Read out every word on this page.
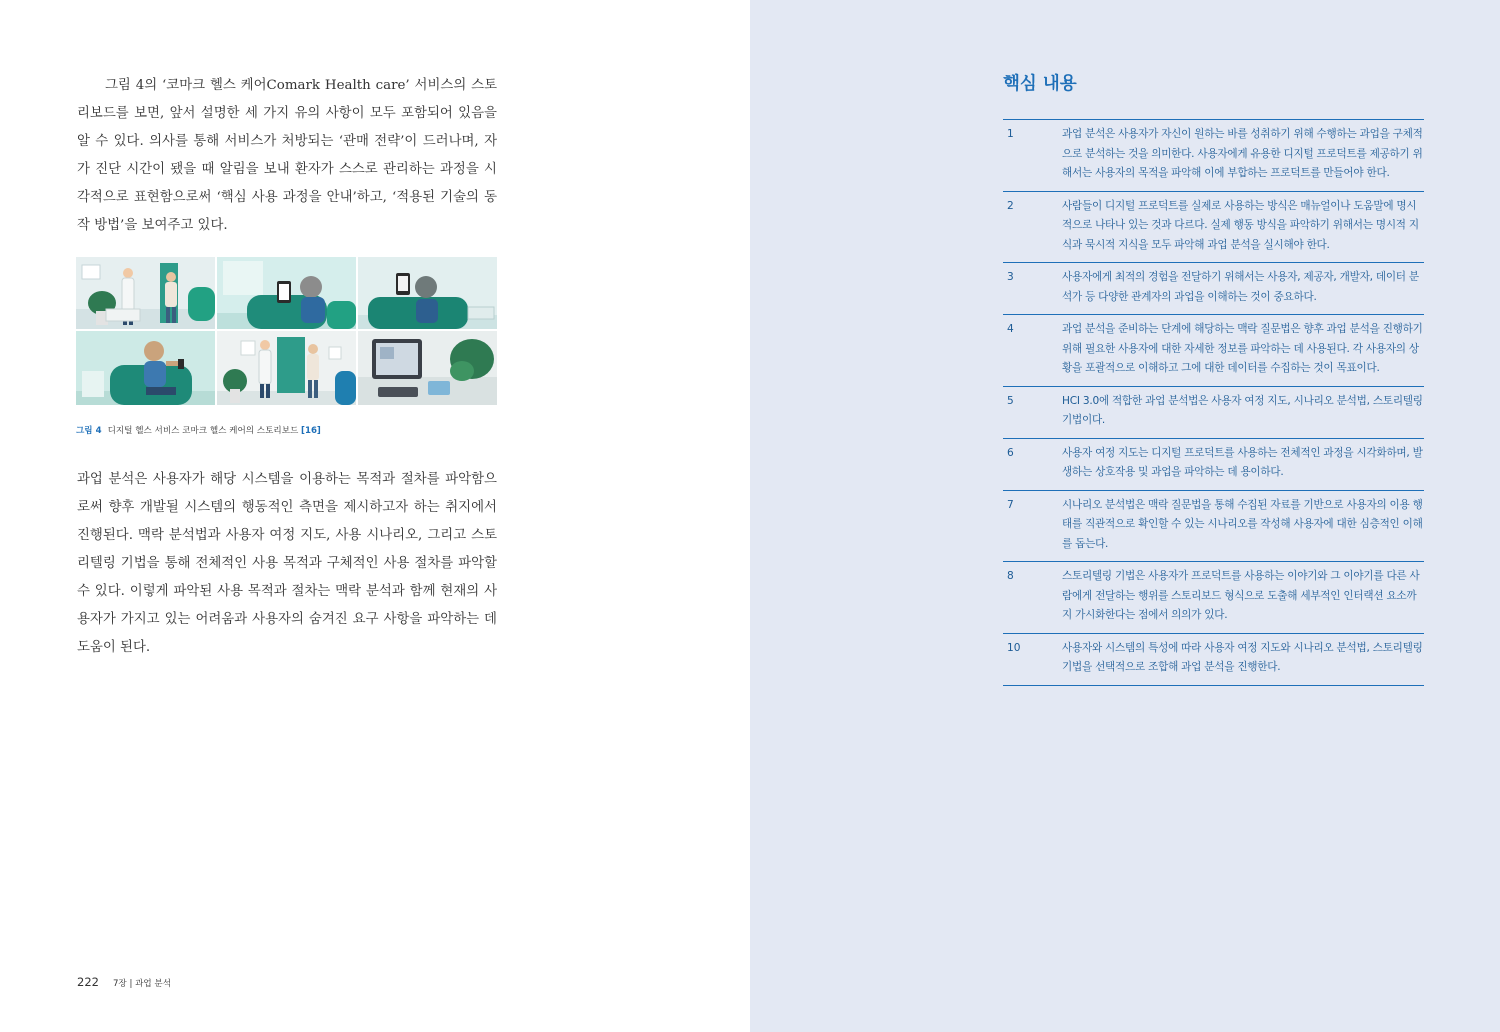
그림 4의 ‘코마크 헬스 케어Comark Health care’ 서비스의 스토리보드를 보면, 앞서 설명한 세 가지 유의 사항이 모두 포함되어 있음을 알 수 있다. 의사를 통해 서비스가 처방되는 ‘관매 전략’이 드러나며, 자가 진단 시간이 됐을 때 알림을 보내 환자가 스스로 관리하는 과정을 시각적으로 표현함으로써 ‘핵심 사용 과정을 안내’하고, ‘적용된 기술의 동작 방법’을 보여주고 있다.

그림 4 디지털 헬스 서비스 코마크 헬스 케어의 스토리보드 [16]

과업 분석은 사용자가 해당 시스템을 이용하는 목적과 절차를 파악함으로써 향후 개발될 시스템의 행동적인 측면을 제시하고자 하는 취지에서 진행된다. 맥락 분석법과 사용자 여정 지도, 사용 시나리오, 그리고 스토리텔링 기법을 통해 전체적인 사용 목적과 구체적인 사용 절차를 파악할 수 있다. 이렇게 파악된 사용 목적과 절차는 맥락 분석과 함께 현재의 사용자가 가지고 있는 어려움과 사용자의 숨겨진 요구 사항을 파악하는 데 도움이 된다.

222 7장 | 과업 분석
핵심 내용
1	과업 분석은 사용자가 자신이 원하는 바를 성취하기 위해 수행하는 과업을 구체적으로 분석하는 것을 의미한다. 사용자에게 유용한 디지털 프로덕트를 제공하기 위해서는 사용자의 목적을 파악해 이에 부합하는 프로덕트를 만들어야 한다.
2	사람들이 디지털 프로덕트를 실제로 사용하는 방식은 매뉴얼이나 도움말에 명시적으로 나타나 있는 것과 다르다. 실제 행동 방식을 파악하기 위해서는 명시적 지식과 묵시적 지식을 모두 파악해 과업 분석을 실시해야 한다.
3	사용자에게 최적의 경험을 전달하기 위해서는 사용자, 제공자, 개발자, 데이터 분석가 등 다양한 관계자의 과업을 이해하는 것이 중요하다.
4	과업 분석을 준비하는 단계에 해당하는 맥락 질문법은 향후 과업 분석을 진행하기 위해 필요한 사용자에 대한 자세한 정보를 파악하는 데 사용된다. 각 사용자의 상황을 포괄적으로 이해하고 그에 대한 데이터를 수집하는 것이 목표이다.
5	HCI 3.0에 적합한 과업 분석법은 사용자 여정 지도, 시나리오 분석법, 스토리텔링 기법이다.
6	사용자 여정 지도는 디지털 프로덕트를 사용하는 전체적인 과정을 시각화하며, 발생하는 상호작용 및 과업을 파악하는 데 용이하다.
7	시나리오 분석법은 맥락 질문법을 통해 수집된 자료를 기반으로 사용자의 이용 행태를 직관적으로 확인할 수 있는 시나리오를 작성해 사용자에 대한 심층적인 이해를 돕는다.
8	스토리텔링 기법은 사용자가 프로덕트를 사용하는 이야기와 그 이야기를 다른 사람에게 전달하는 행위를 스토리보드 형식으로 도출해 세부적인 인터랙션 요소까지 가시화한다는 점에서 의의가 있다.
10	사용자와 시스템의 특성에 따라 사용자 여정 지도와 시나리오 분석법, 스토리텔링 기법을 선택적으로 조합해 과업 분석을 진행한다.
